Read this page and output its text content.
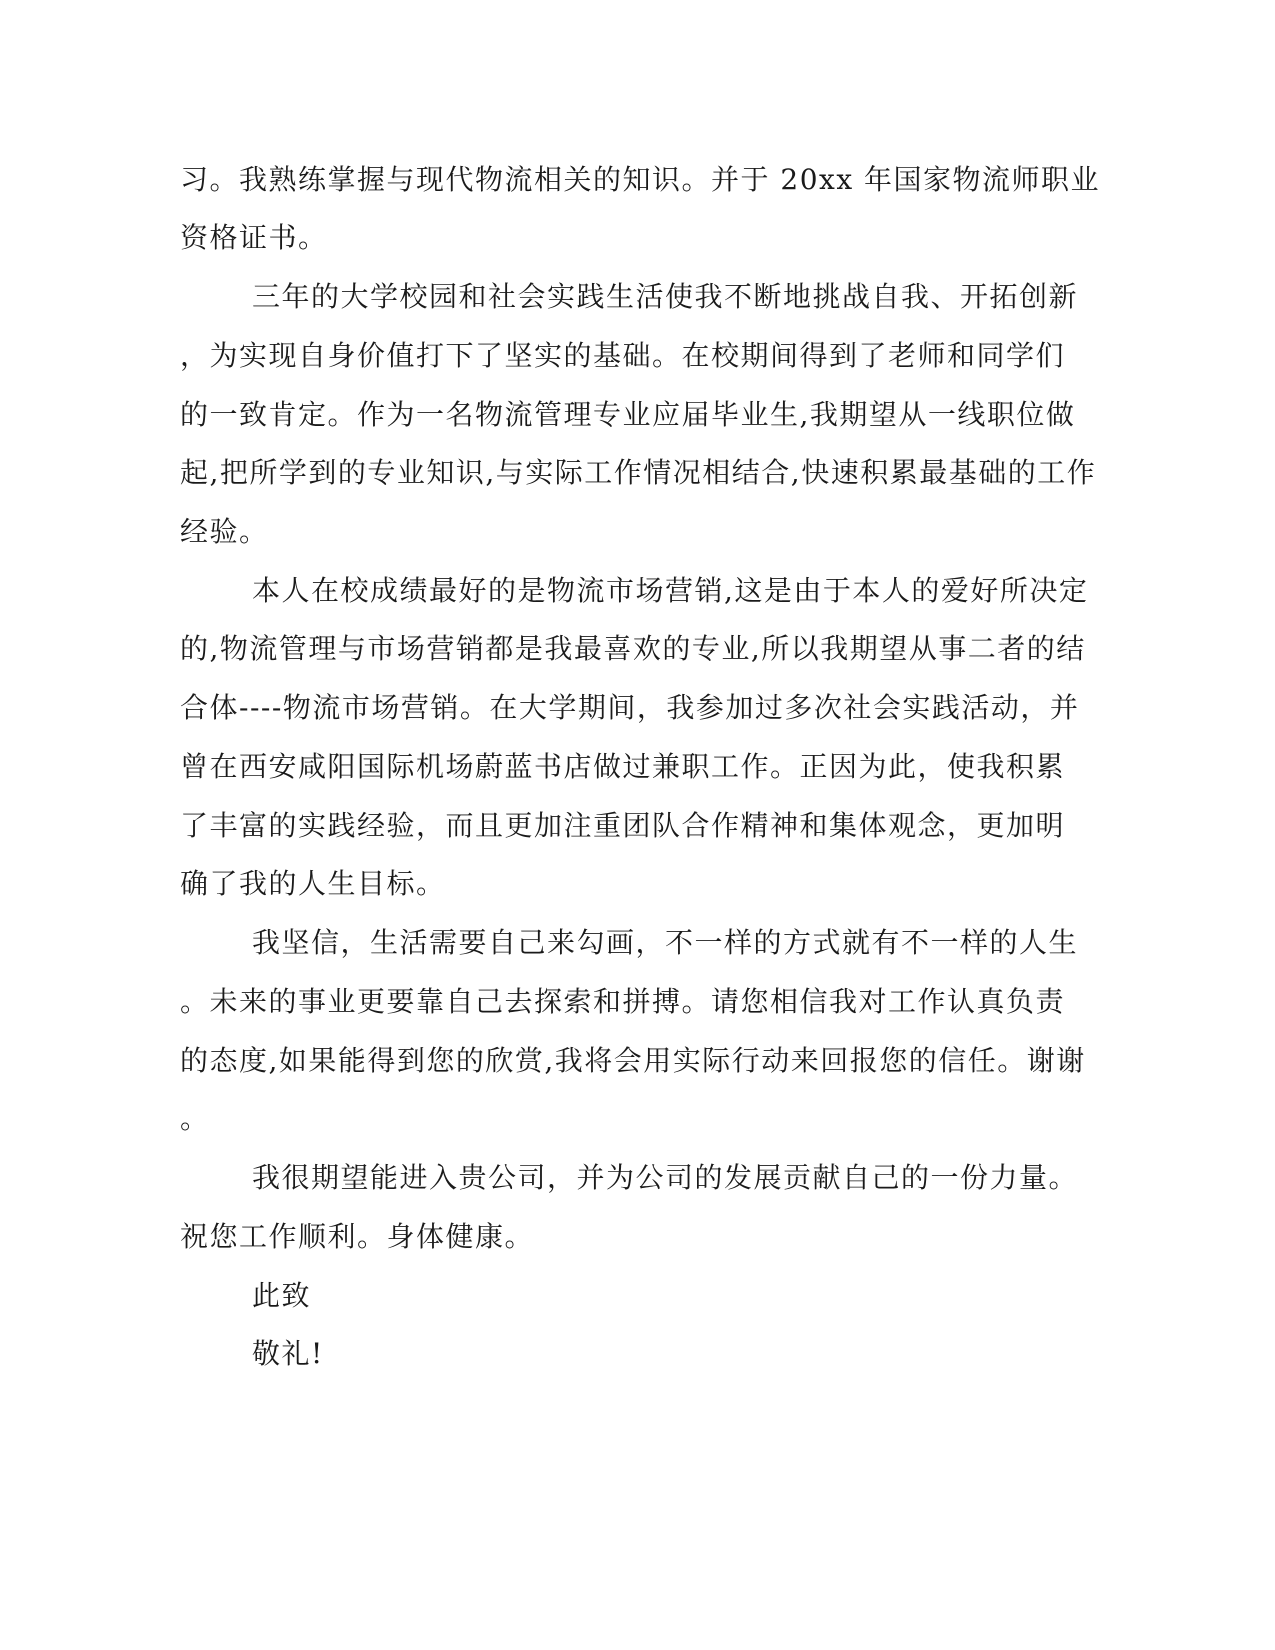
习。我熟练掌握与现代物流相关的知识。并于 20xx 年国家物流师职业
资格证书。
三年的大学校园和社会实践生活使我不断地挑战自我、开拓创新
，为实现自身价值打下了坚实的基础。在校期间得到了老师和同学们
的一致肯定。作为一名物流管理专业应届毕业生,我期望从一线职位做
起,把所学到的专业知识,与实际工作情况相结合,快速积累最基础的工作
经验。
本人在校成绩最好的是物流市场营销,这是由于本人的爱好所决定
的,物流管理与市场营销都是我最喜欢的专业,所以我期望从事二者的结
合体----物流市场营销。在大学期间，我参加过多次社会实践活动，并
曾在西安咸阳国际机场蔚蓝书店做过兼职工作。正因为此，使我积累
了丰富的实践经验，而且更加注重团队合作精神和集体观念，更加明
确了我的人生目标。
我坚信，生活需要自己来勾画，不一样的方式就有不一样的人生
。未来的事业更要靠自己去探索和拼搏。请您相信我对工作认真负责
的态度,如果能得到您的欣赏,我将会用实际行动来回报您的信任。谢谢
。
我很期望能进入贵公司，并为公司的发展贡献自己的一份力量。
祝您工作顺利。身体健康。
此致
敬礼!
